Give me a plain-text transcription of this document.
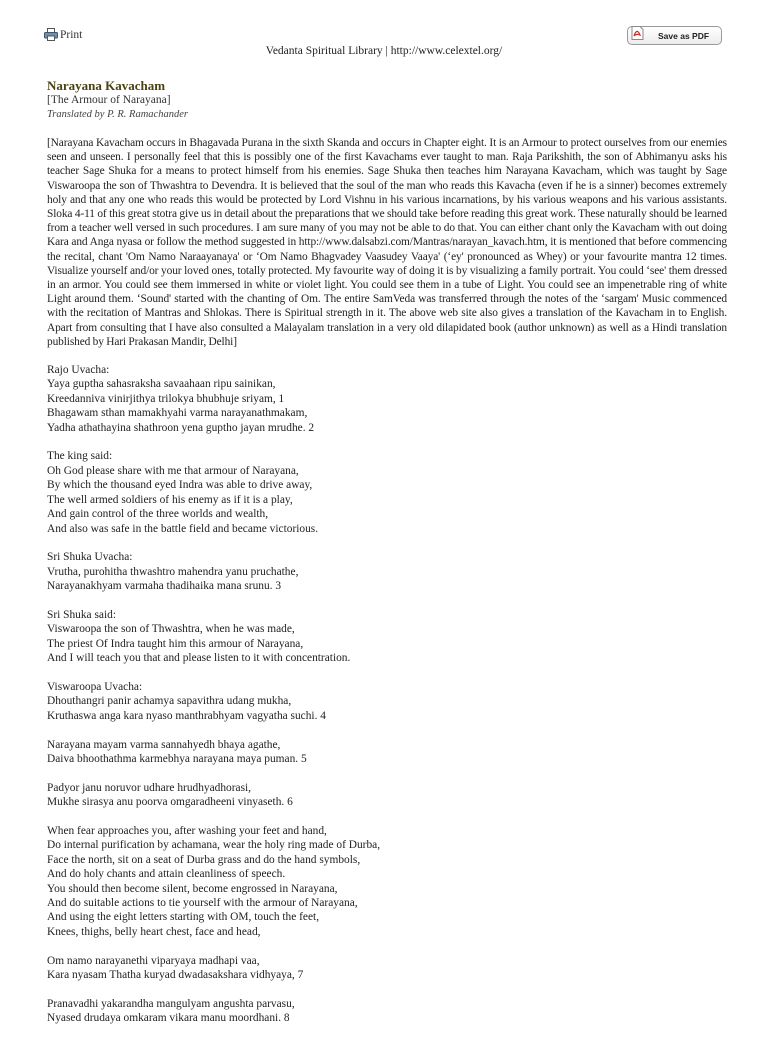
Print	Save as PDF
Vedanta Spiritual Library | http://www.celextel.org/
Narayana Kavacham
[The Armour of Narayana]
Translated by P. R. Ramachander
[Narayana Kavacham occurs in Bhagavada Purana in the sixth Skanda and occurs in Chapter eight. It is an Armour to protect ourselves from our enemies seen and unseen. I personally feel that this is possibly one of the first Kavachams ever taught to man. Raja Parikshith, the son of Abhimanyu asks his teacher Sage Shuka for a means to protect himself from his enemies. Sage Shuka then teaches him Narayana Kavacham, which was taught by Sage Viswaroopa the son of Thwashtra to Devendra. It is believed that the soul of the man who reads this Kavacha (even if he is a sinner) becomes extremely holy and that any one who reads this would be protected by Lord Vishnu in his various incarnations, by his various weapons and his various assistants. Sloka 4-11 of this great stotra give us in detail about the preparations that we should take before reading this great work. These naturally should be learned from a teacher well versed in such procedures. I am sure many of you may not be able to do that. You can either chant only the Kavacham with out doing Kara and Anga nyasa or follow the method suggested in http://www.dalsabzi.com/Mantras/narayan_kavach.htm, it is mentioned that before commencing the recital, chant 'Om Namo Naraayanaya' or ‘Om Namo Bhagvadey Vaasudey Vaaya' (‘ey' pronounced as Whey) or your favourite mantra 12 times. Visualize yourself and/or your loved ones, totally protected. My favourite way of doing it is by visualizing a family portrait. You could ‘see' them dressed in an armor. You could see them immersed in white or violet light. You could see them in a tube of Light. You could see an impenetrable ring of white Light around them. ‘Sound' started with the chanting of Om. The entire SamVeda was transferred through the notes of the ‘sargam' Music commenced with the recitation of Mantras and Shlokas. There is Spiritual strength in it. The above web site also gives a translation of the Kavacham in to English. Apart from consulting that I have also consulted a Malayalam translation in a very old dilapidated book (author unknown) as well as a Hindi translation published by Hari Prakasan Mandir, Delhi]
Rajo Uvacha:
Yaya guptha sahasraksha savaahaan ripu sainikan,
Kreedanniva vinirjithya trilokya bhubhuje sriyam, 1
Bhagawam sthan mamakhyahi varma narayanathmakam,
Yadha athathayina shathroon yena guptho jayan mrudhe. 2
The king said:
Oh God please share with me that armour of Narayana,
By which the thousand eyed Indra was able to drive away,
The well armed soldiers of his enemy as if it is a play,
And gain control of the three worlds and wealth,
And also was safe in the battle field and became victorious.
Sri Shuka Uvacha:
Vrutha, purohitha thwashtro mahendra yanu pruchathe,
Narayanakhyam varmaha thadihaika mana srunu. 3
Sri Shuka said:
Viswaroopa the son of Thwashtra, when he was made,
The priest Of Indra taught him this armour of Narayana,
And I will teach you that and please listen to it with concentration.
Viswaroopa Uvacha:
Dhouthangri panir achamya sapavithra udang mukha,
Kruthaswa anga kara nyaso manthrabhyam vagyatha suchi. 4
Narayana mayam varma sannahyedh bhaya agathe,
Daiva bhoothathma karmebhya narayana maya puman. 5
Padyor janu noruvor udhare hrudhyadhorasi,
Mukhe sirasya anu poorva omgaradheeni vinyaseth. 6
When fear approaches you, after washing your feet and hand,
Do internal purification by achamana, wear the holy ring made of Durba,
Face the north, sit on a seat of Durba grass and do the hand symbols,
And do holy chants and attain cleanliness of speech.
You should then become silent, become engrossed in Narayana,
And do suitable actions to tie yourself with the armour of Narayana,
And using the eight letters starting with OM, touch the feet,
Knees, thighs, belly heart chest, face and head,
Om namo narayanethi viparyaya madhapi vaa,
Kara nyasam Thatha kuryad dwadasakshara vidhyaya, 7
Pranavadhi yakarandha mangulyam angushta parvasu,
Nyased drudaya omkaram vikara manu moordhani. 8
